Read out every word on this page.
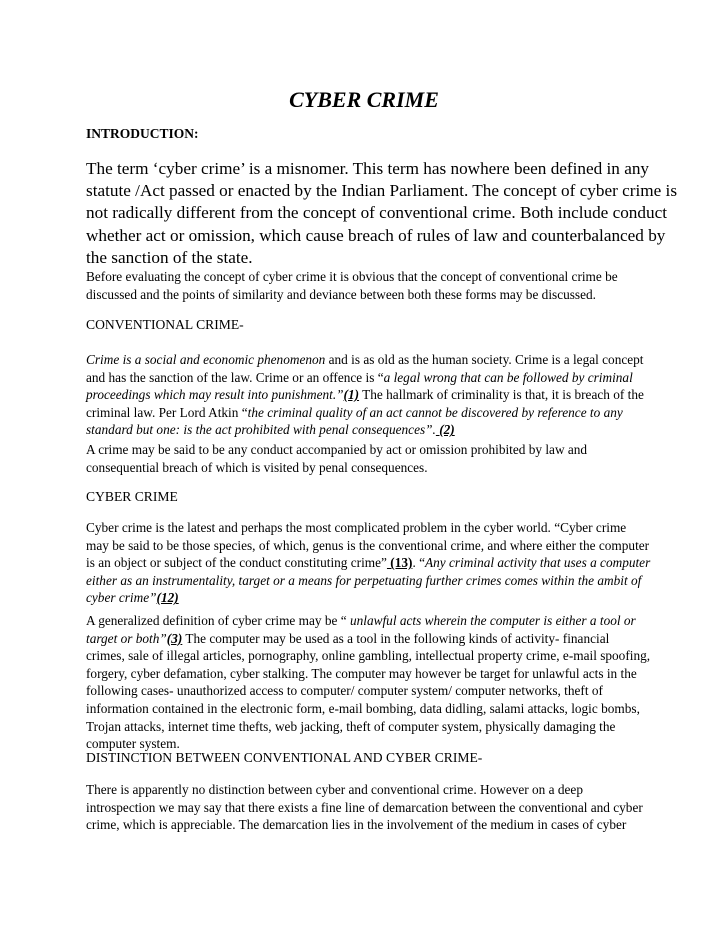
CYBER CRIME
INTRODUCTION:
The term ‘cyber crime’ is a misnomer. This term has nowhere been defined in any
statute /Act passed or enacted by the Indian Parliament. The concept of cyber crime is
not radically different from the concept of conventional crime. Both include conduct
whether act or omission, which cause breach of rules of law and counterbalanced by
the sanction of the state.
Before evaluating the concept of cyber crime it is obvious that the concept of conventional crime be
discussed and the points of similarity and deviance between both these forms may be discussed.
CONVENTIONAL CRIME-
Crime is a social and economic phenomenon and is as old as the human society. Crime is a legal concept
and has the sanction of the law. Crime or an offence is “a legal wrong that can be followed by criminal
proceedings which may result into punishment.”(1) The hallmark of criminality is that, it is breach of the
criminal law. Per Lord Atkin “the criminal quality of an act cannot be discovered by reference to any
standard but one: is the act prohibited with penal consequences”. (2)
A crime may be said to be any conduct accompanied by act or omission prohibited by law and
consequential breach of which is visited by penal consequences.
CYBER CRIME
Cyber crime is the latest and perhaps the most complicated problem in the cyber world. “Cyber crime
may be said to be those species, of which, genus is the conventional crime, and where either the computer
is an object or subject of the conduct constituting crime” (13). “Any criminal activity that uses a computer
either as an instrumentality, target or a means for perpetuating further crimes comes within the ambit of
cyber crime”(12)
A generalized definition of cyber crime may be “ unlawful acts wherein the computer is either a tool or
target or both”(3) The computer may be used as a tool in the following kinds of activity- financial
crimes, sale of illegal articles, pornography, online gambling, intellectual property crime, e-mail spoofing,
forgery, cyber defamation, cyber stalking. The computer may however be target for unlawful acts in the
following cases- unauthorized access to computer/ computer system/ computer networks, theft of
information contained in the electronic form, e-mail bombing, data didling, salami attacks, logic bombs,
Trojan attacks, internet time thefts, web jacking, theft of computer system, physically damaging the
computer system.
DISTINCTION BETWEEN CONVENTIONAL AND CYBER CRIME-
There is apparently no distinction between cyber and conventional crime. However on a deep
introspection we may say that there exists a fine line of demarcation between the conventional and cyber
crime, which is appreciable. The demarcation lies in the involvement of the medium in cases of cyber
